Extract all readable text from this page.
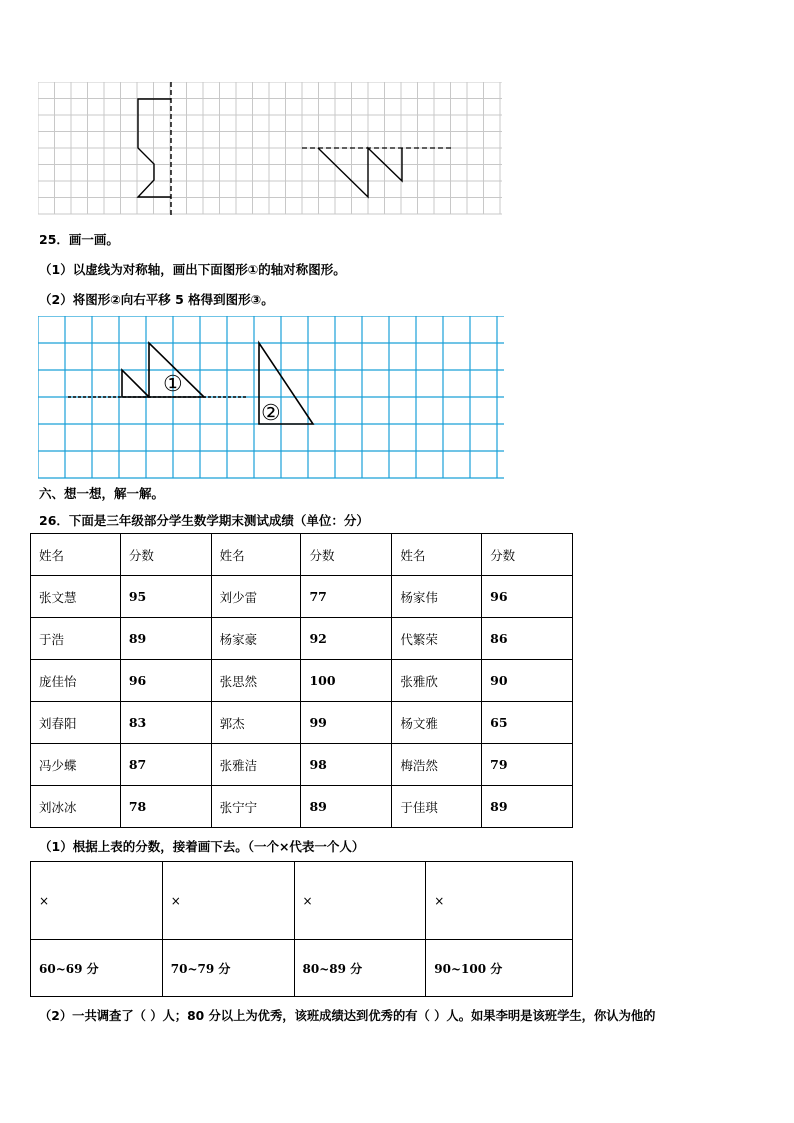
25．画一画。
（1）以虚线为对称轴，画出下面图形①的轴对称图形。
（2）将图形②向右平移 5 格得到图形③。
①
②
六、想一想，解一解。
26．下面是三年级部分学生数学期末测试成绩（单位：分）
姓名	分数	姓名	分数	姓名	分数
张文慧	95	刘少雷	77	杨家伟	96
于浩	89	杨家豪	92	代繁荣	86
庞佳怡	96	张思然	100	张雅欣	90
刘春阳	83	郭杰	99	杨文雅	65
冯少蝶	87	张雅洁	98	梅浩然	79
刘冰冰	78	张宁宁	89	于佳琪	89
（1）根据上表的分数，接着画下去。（一个×代表一个人）
×	×	×	×
60~69 分	70~79 分	80~89 分	90~100 分
（2）一共调查了（ ）人；80 分以上为优秀，该班成绩达到优秀的有（ ）人。如果李明是该班学生，你认为他的
